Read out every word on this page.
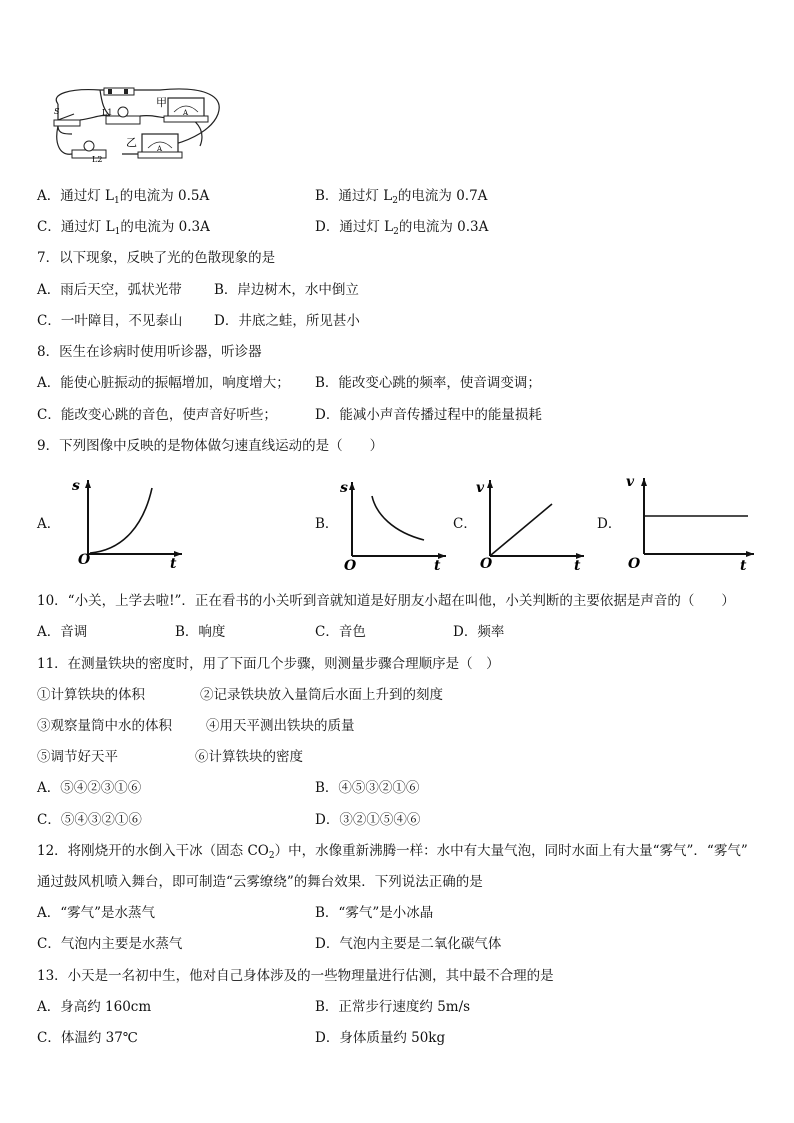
甲
乙
S	L1
L2
A
A
A．通过灯 $L_1$的电流为 0.5A	B．通过灯 $L_2$的电流为 0.7A
C．通过灯 $L_1$的电流为 0.3A	D．通过灯 $L_2$的电流为 0.3A
7．以下现象，反映了光的色散现象的是
A．雨后天空，弧状光带 B．岸边树木，水中倒立
C．一叶障目，不见泰山 D．井底之蛙，所见甚小
8．医生在诊病时使用听诊器，听诊器
A．能使心脏振动的振幅增加，响度增大； B．能改变心跳的频率，使音调变调；
C．能改变心跳的音色，使声音好听些；	D．能减小声音传播过程中的能量损耗
9．下列图像中反映的是物体做匀速直线运动的是（　　）
A．	B．	C．	D．
s
t
O
s
t
O
v
t
O
v
t
O
10．“小关，上学去啦!”．正在看书的小关听到音就知道是好朋友小超在叫他，小关判断的主要依据是声音的（　　）
A．音调	B．响度	C．音色	D．频率
11．在测量铁块的密度时，用了下面几个步骤，则测量步骤合理顺序是（　）
①计算铁块的体积	②记录铁块放入量筒后水面上升到的刻度
③观察量筒中水的体积	④用天平测出铁块的质量
⑤调节好天平	⑥计算铁块的密度
A．⑤④②③①⑥	B．④⑤③②①⑥
C．⑤④③②①⑥	D．③②①⑤④⑥
12．将刚烧开的水倒入干冰（固态 $CO_2$）中，水像重新沸腾一样：水中有大量气泡，同时水面上有大量“雾气”．“雾气”
通过鼓风机喷入舞台，即可制造“云雾缭绕”的舞台效果．下列说法正确的是
A．“雾气”是水蒸气	B．“雾气”是小冰晶
C．气泡内主要是水蒸气	D．气泡内主要是二氧化碳气体
13．小天是一名初中生，他对自己身体涉及的一些物理量进行估测，其中最不合理的是
A．身高约 160cm	B．正常步行速度约 5m/s
C．体温约 37℃	D．身体质量约 50kg
